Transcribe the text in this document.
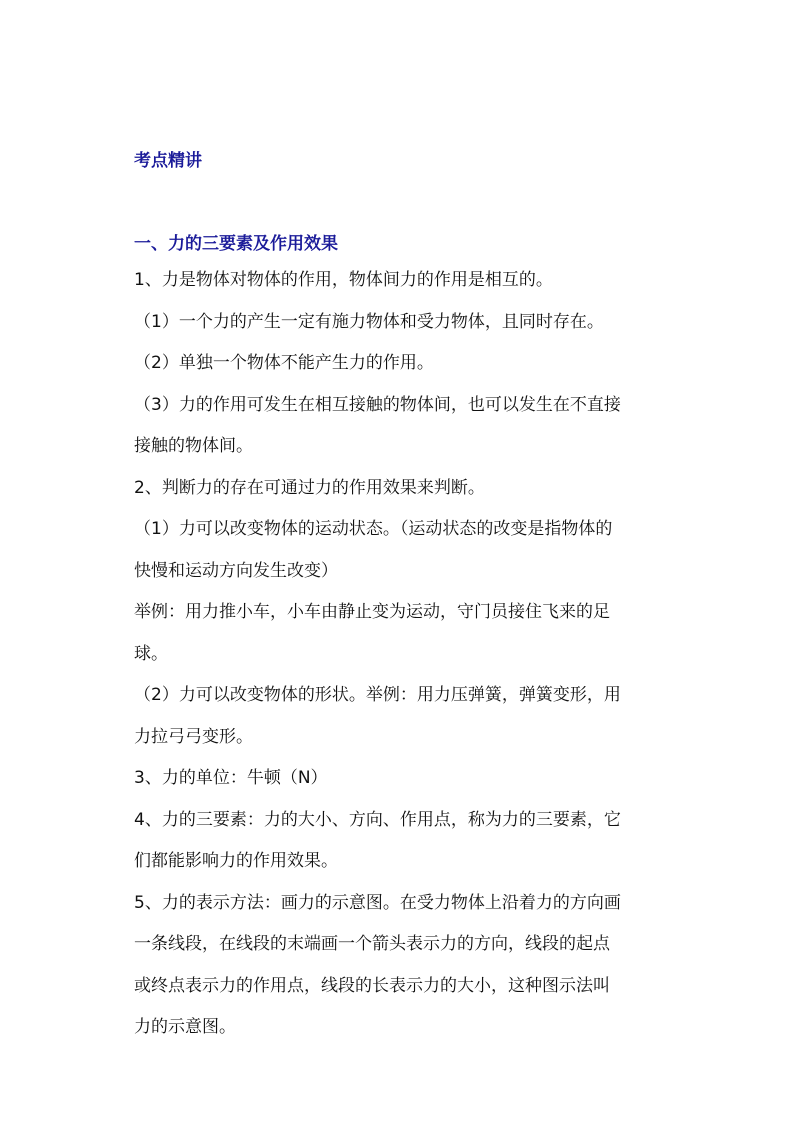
考点精讲
一、力的三要素及作用效果
1、力是物体对物体的作用，物体间力的作用是相互的。
（1）一个力的产生一定有施力物体和受力物体，且同时存在。
（2）单独一个物体不能产生力的作用。
（3）力的作用可发生在相互接触的物体间，也可以发生在不直接
接触的物体间。
2、判断力的存在可通过力的作用效果来判断。
（1）力可以改变物体的运动状态。（运动状态的改变是指物体的
快慢和运动方向发生改变）
举例：用力推小车，小车由静止变为运动，守门员接住飞来的足
球。
（2）力可以改变物体的形状。举例：用力压弹簧，弹簧变形，用
力拉弓弓变形。
3、力的单位：牛顿（N）
4、力的三要素：力的大小、方向、作用点，称为力的三要素，它
们都能影响力的作用效果。
5、力的表示方法：画力的示意图。在受力物体上沿着力的方向画
一条线段，在线段的末端画一个箭头表示力的方向，线段的起点
或终点表示力的作用点，线段的长表示力的大小，这种图示法叫
力的示意图。
